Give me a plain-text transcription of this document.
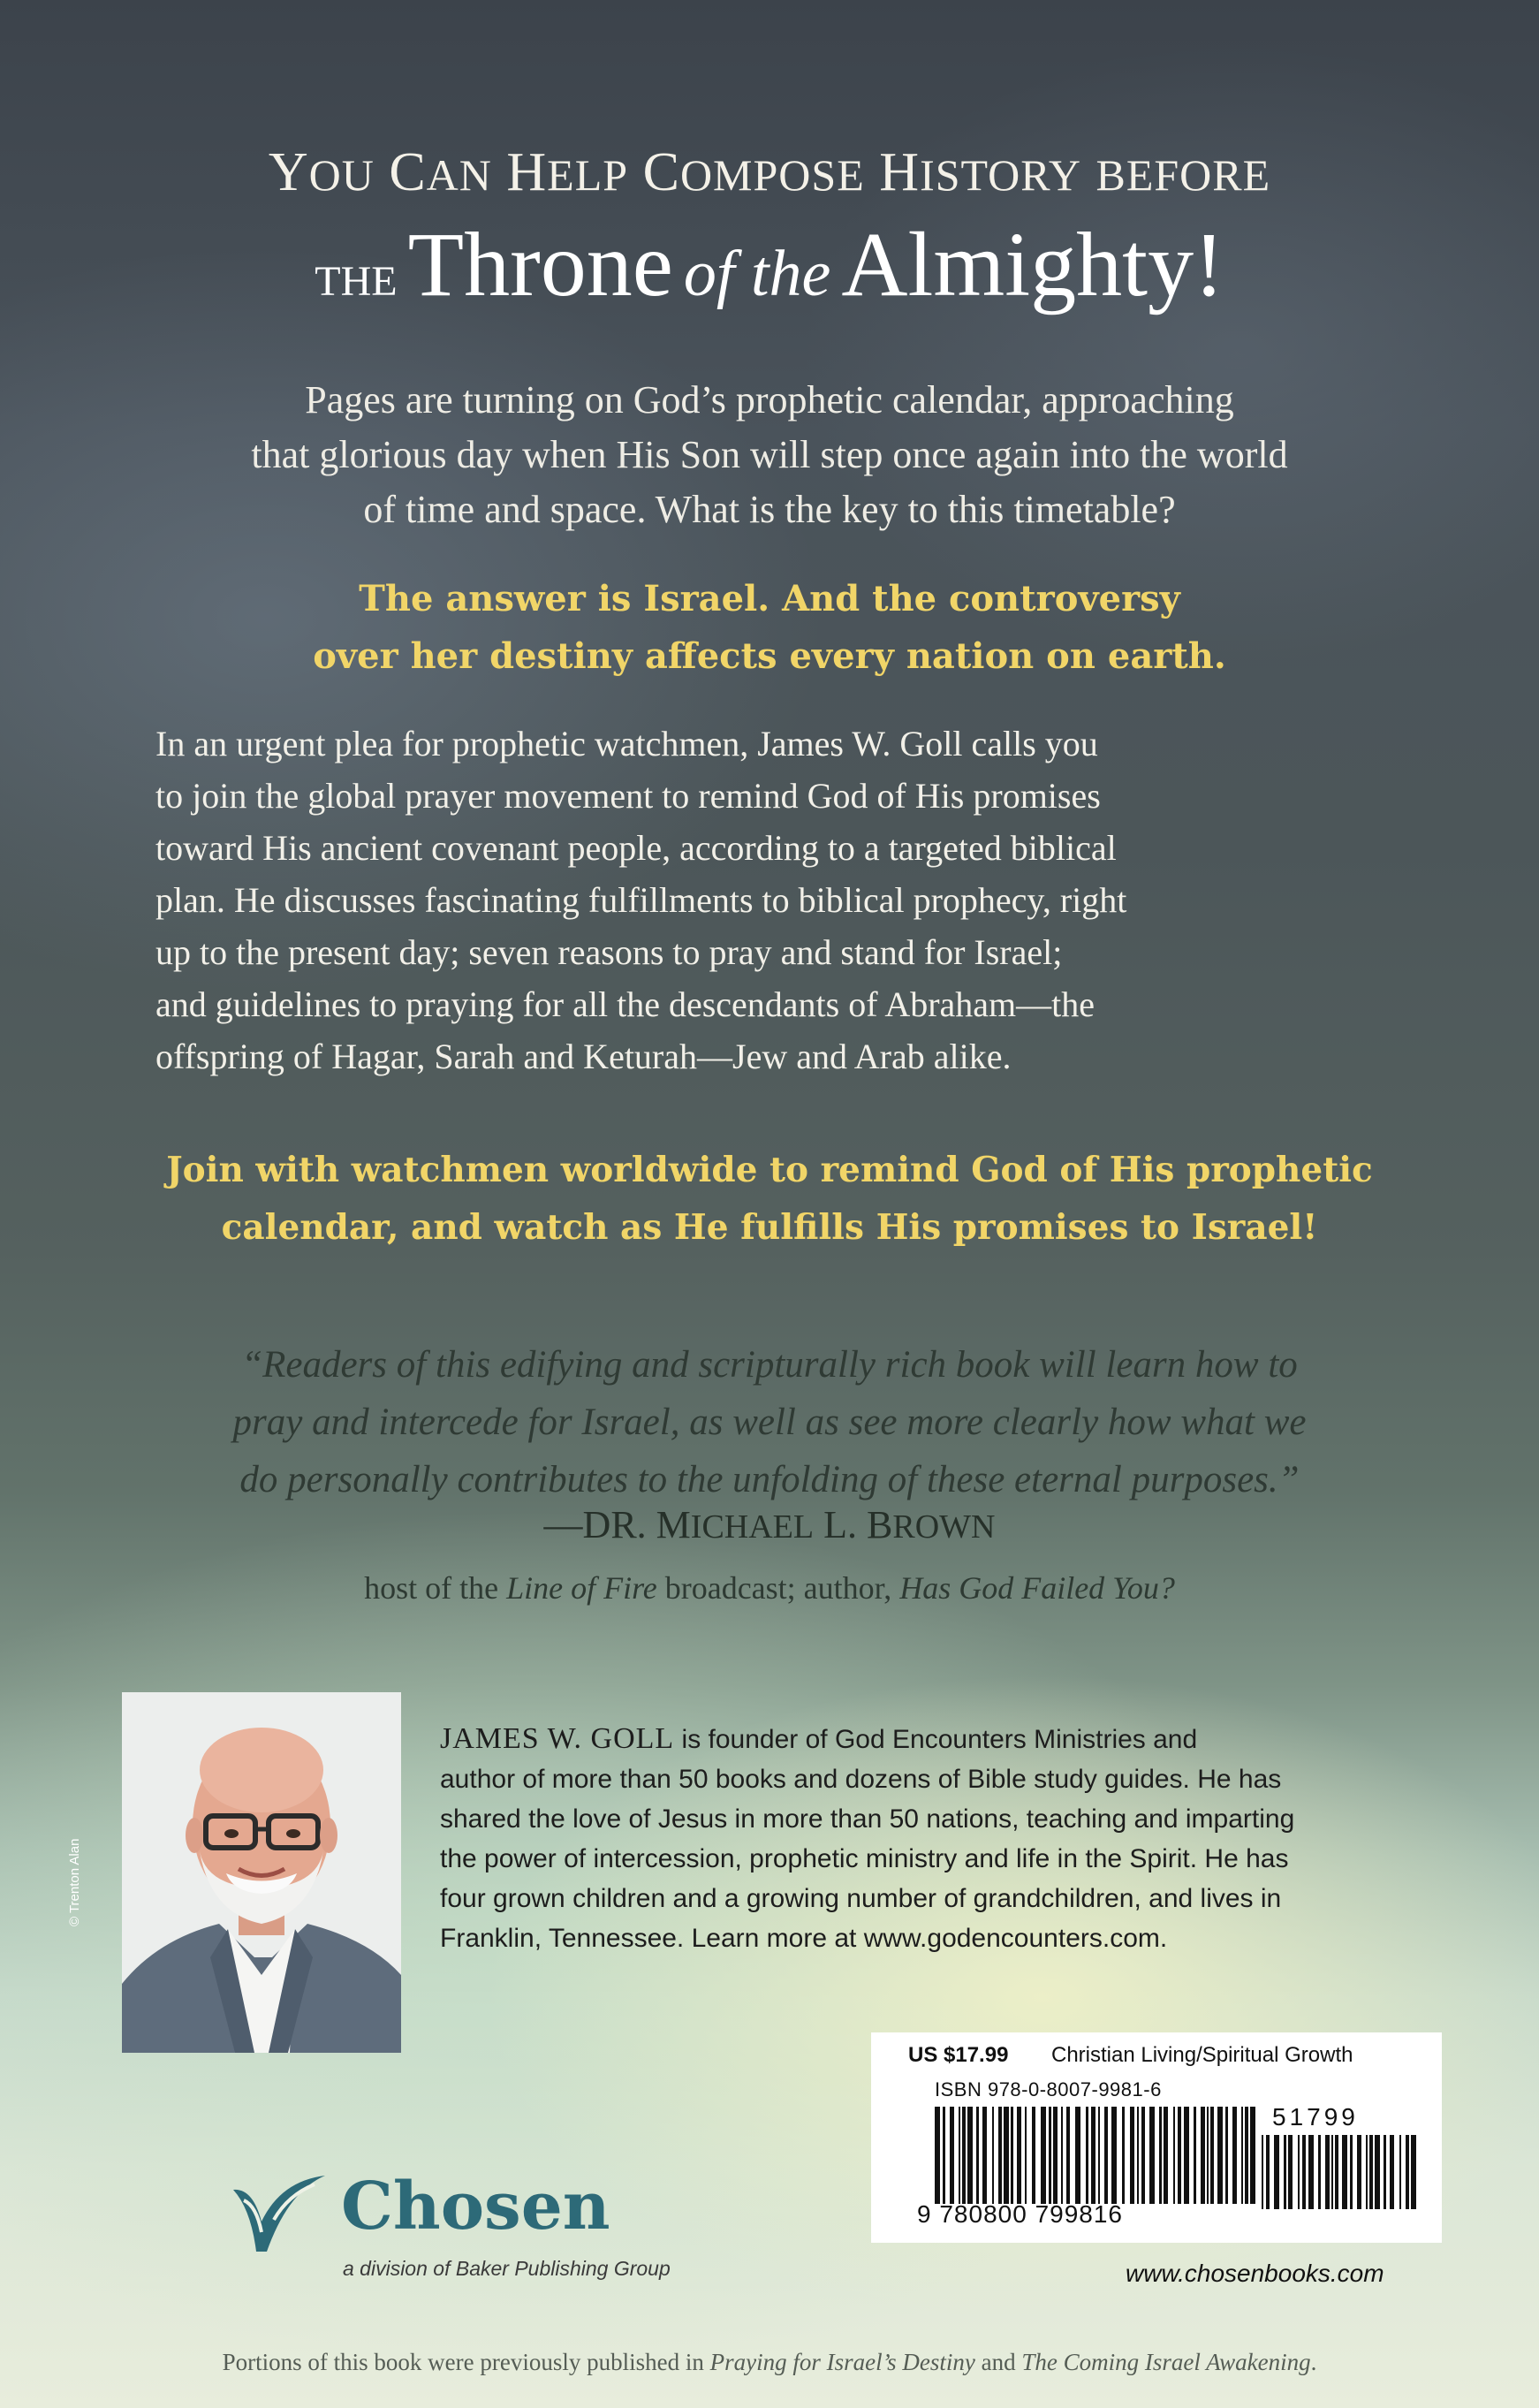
YOU CAN HELP COMPOSE HISTORY BEFORE
THE Throne of the Almighty!
Pages are turning on God’s prophetic calendar, approaching
that glorious day when His Son will step once again into the world
of time and space. What is the key to this timetable?
The answer is Israel. And the controversy
over her destiny affects every nation on earth.
In an urgent plea for prophetic watchmen, James W. Goll calls you
to join the global prayer movement to remind God of His promises
toward His ancient covenant people, according to a targeted biblical
plan. He discusses fascinating fulfillments to biblical prophecy, right
up to the present day; seven reasons to pray and stand for Israel;
and guidelines to praying for all the descendants of Abraham—the
offspring of Hagar, Sarah and Keturah—Jew and Arab alike.
Join with watchmen worldwide to remind God of His prophetic
calendar, and watch as He fulfills His promises to Israel!
“Readers of this edifying and scripturally rich book will learn how to
pray and intercede for Israel, as well as see more clearly how what we
do personally contributes to the unfolding of these eternal purposes.”
—DR. MICHAEL L. BROWN
host of the Line of Fire broadcast; author, Has God Failed You?
© Trenton Alan
JAMES W. GOLL is founder of God Encounters Ministries and
author of more than 50 books and dozens of Bible study guides. He has
shared the love of Jesus in more than 50 nations, teaching and imparting
the power of intercession, prophetic ministry and life in the Spirit. He has
four grown children and a growing number of grandchildren, and lives in
Franklin, Tennessee. Learn more at www.godencounters.com.
US $17.99 Christian Living/Spiritual Growth
ISBN 978-0-8007-9981-6
51799
9 780800 799816
www.chosenbooks.com
Chosen
a division of Baker Publishing Group
Portions of this book were previously published in Praying for Israel’s Destiny and The Coming Israel Awakening.
